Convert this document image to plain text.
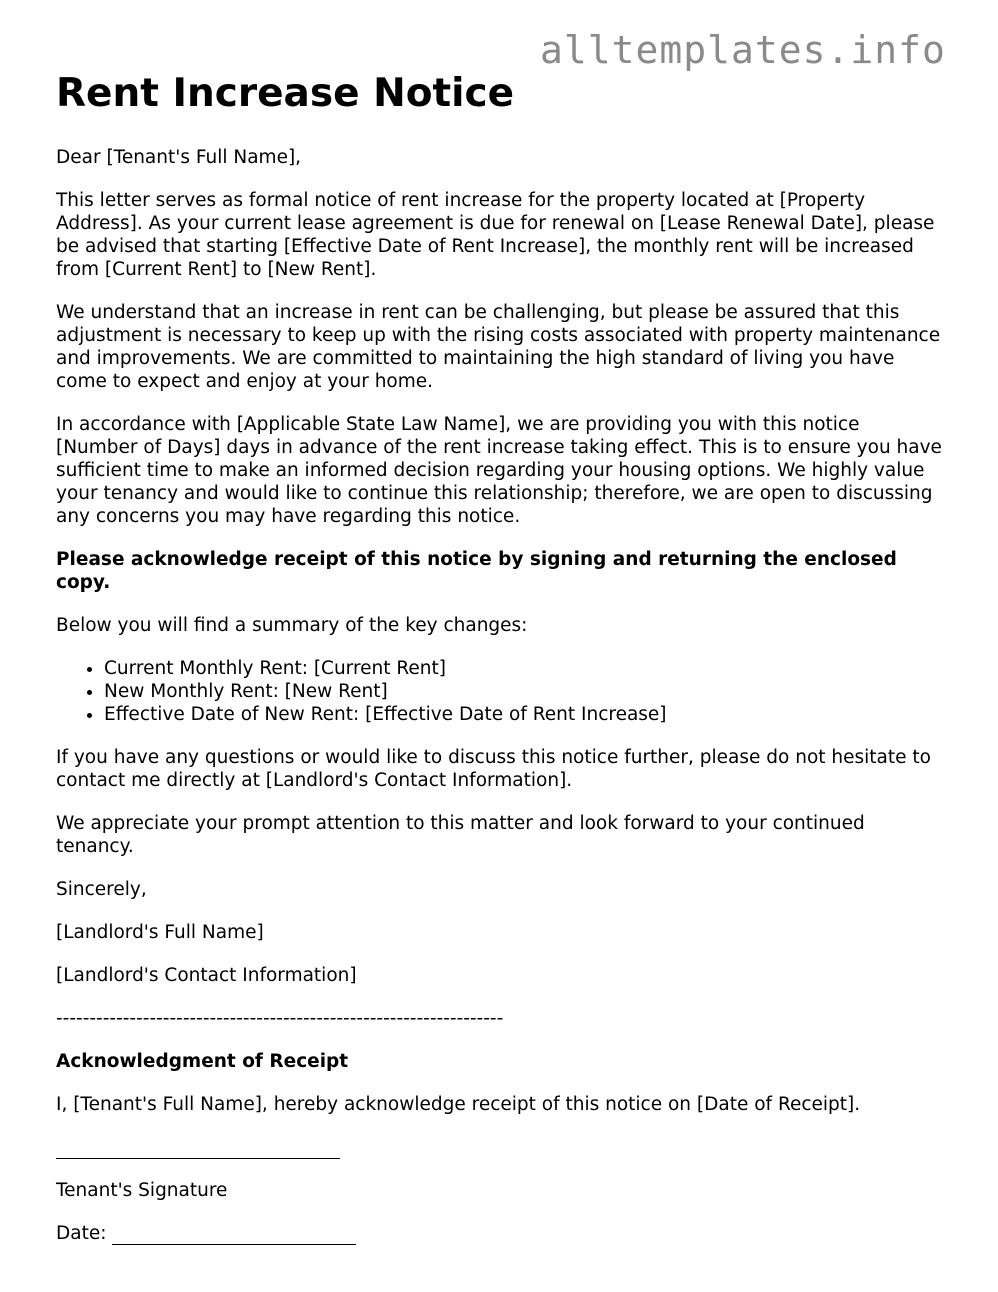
alltemplates.info
Rent Increase Notice

Dear [Tenant's Full Name],

This letter serves as formal notice of rent increase for the property located at [Property Address]. As your current lease agreement is due for renewal on [Lease Renewal Date], please be advised that starting [Effective Date of Rent Increase], the monthly rent will be increased from [Current Rent] to [New Rent].

We understand that an increase in rent can be challenging, but please be assured that this adjustment is necessary to keep up with the rising costs associated with property maintenance and improvements. We are committed to maintaining the high standard of living you have come to expect and enjoy at your home.

In accordance with [Applicable State Law Name], we are providing you with this notice [Number of Days] days in advance of the rent increase taking effect. This is to ensure you have sufficient time to make an informed decision regarding your housing options. We highly value your tenancy and would like to continue this relationship; therefore, we are open to discussing any concerns you may have regarding this notice.

Please acknowledge receipt of this notice by signing and returning the enclosed copy.

Below you will find a summary of the key changes:

• Current Monthly Rent: [Current Rent]
• New Monthly Rent: [New Rent]
• Effective Date of New Rent: [Effective Date of Rent Increase]

If you have any questions or would like to discuss this notice further, please do not hesitate to contact me directly at [Landlord's Contact Information].

We appreciate your prompt attention to this matter and look forward to your continued tenancy.

Sincerely,

[Landlord's Full Name]

[Landlord's Contact Information]

-------------------------------------------------------------------

Acknowledgment of Receipt

I, [Tenant's Full Name], hereby acknowledge receipt of this notice on [Date of Receipt].

Tenant's Signature

Date:
